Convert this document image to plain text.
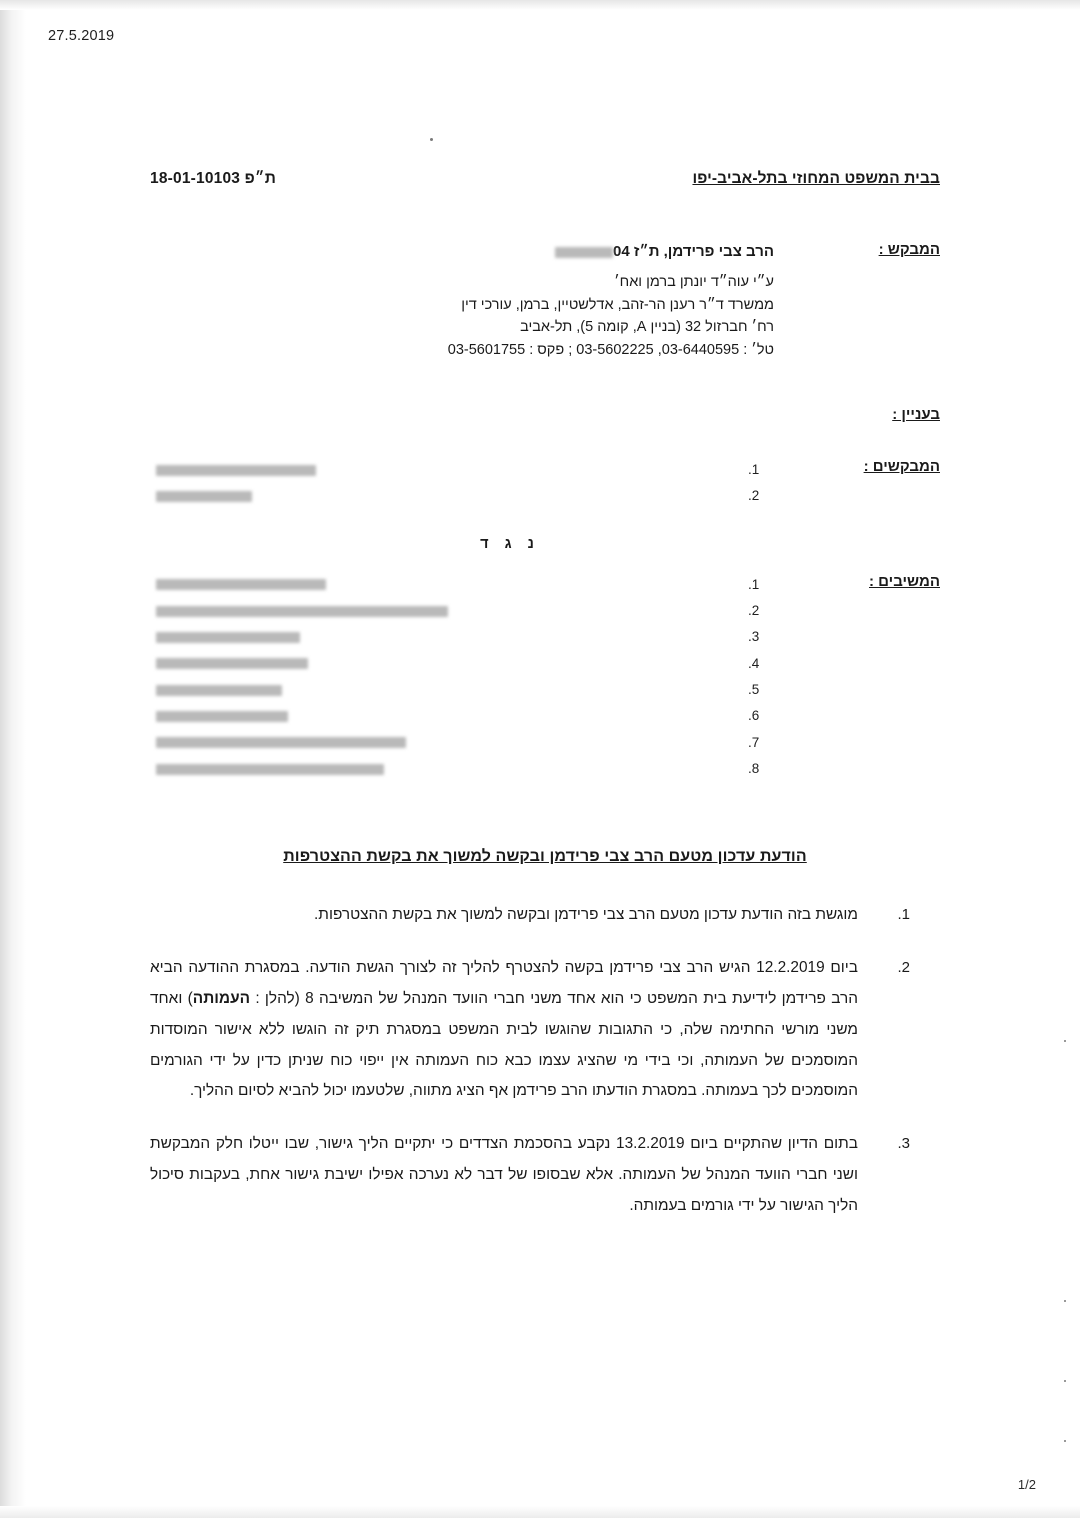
27.5.2019
בבית המשפט המחוזי בתל-אביב-יפו
ת״פ 18-01-10103
המבקש :
הרב צבי פרידמן, ת״ז 04
ע״י עוה״ד יונתן ברמן ואח׳
ממשרד ד״ר רענן הר-זהב, אדלשטיין, ברמן, עורכי דין
רח׳ חברזול 32 (בניין A, קומה 5), תל-אביב
טל׳ : 03-6440595, 03-5602225 ; פקס : 03-5601755
בעניין :
המבקשים :
1.

2.

נ ג ד
המשיבים :
1.

2.

3.

4.

5.

6.

7.

8.

הודעת עדכון מטעם הרב צבי פרידמן ובקשה למשוך את בקשת ההצטרפות
מוגשת בזה הודעת עדכון מטעם הרב צבי פרידמן ובקשה למשוך את בקשת ההצטרפות.
ביום 12.2.2019 הגיש הרב צבי פרידמן בקשה להצטרף להליך זה לצורך הגשת הודעה. במסגרת ההודעה הביא הרב פרידמן לידיעת בית המשפט כי הוא אחד משני חברי הוועד המנהל של המשיבה 8 (להלן : העמותה) ואחד משני מורשי החתימה שלה, כי התגובות שהוגשו לבית המשפט במסגרת תיק זה הוגשו ללא אישור המוסדות המוסמכים של העמותה, וכי בידי מי שהציג עצמו כבא כוח העמותה אין ייפוי כוח שניתן כדין על ידי הגורמים המוסמכים לכך בעמותה. במסגרת הודעתו הרב פרידמן אף הציג מתווה, שלטעמו יכול להביא לסיום ההליך.
בתום הדיון שהתקיים ביום 13.2.2019 נקבע בהסכמת הצדדים כי יתקיים הליך גישור, שבו ייטלו חלק המבקשת ושני חברי הוועד המנהל של העמותה. אלא שבסופו של דבר לא נערכה אפילו ישיבת גישור אחת, בעקבות סיכול הליך הגישור על ידי גורמים בעמותה.
1/2
